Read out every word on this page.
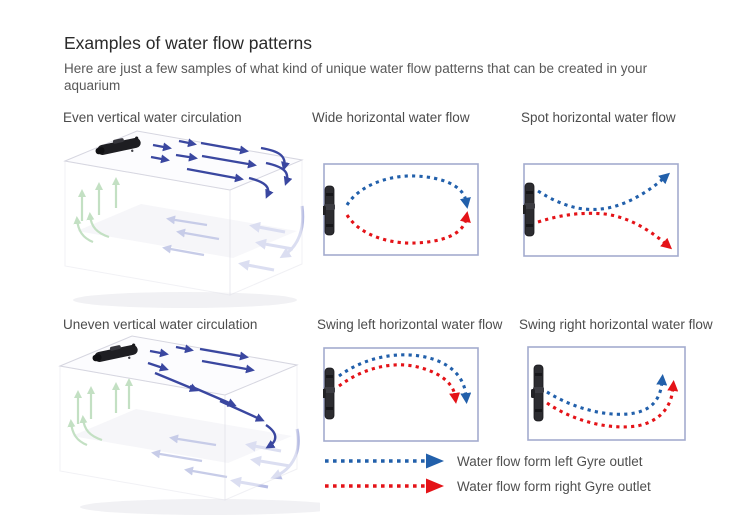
Examples of water flow patterns

Here are just a few samples of what kind of unique water flow patterns that can be created in your aquarium

Even vertical water circulation	Wide horizontal water flow	Spot horizontal water flow
Uneven vertical water circulation	Swing left horizontal water flow Swing right horizontal water flow
Water flow form left Gyre outlet
Water flow form right Gyre outlet
